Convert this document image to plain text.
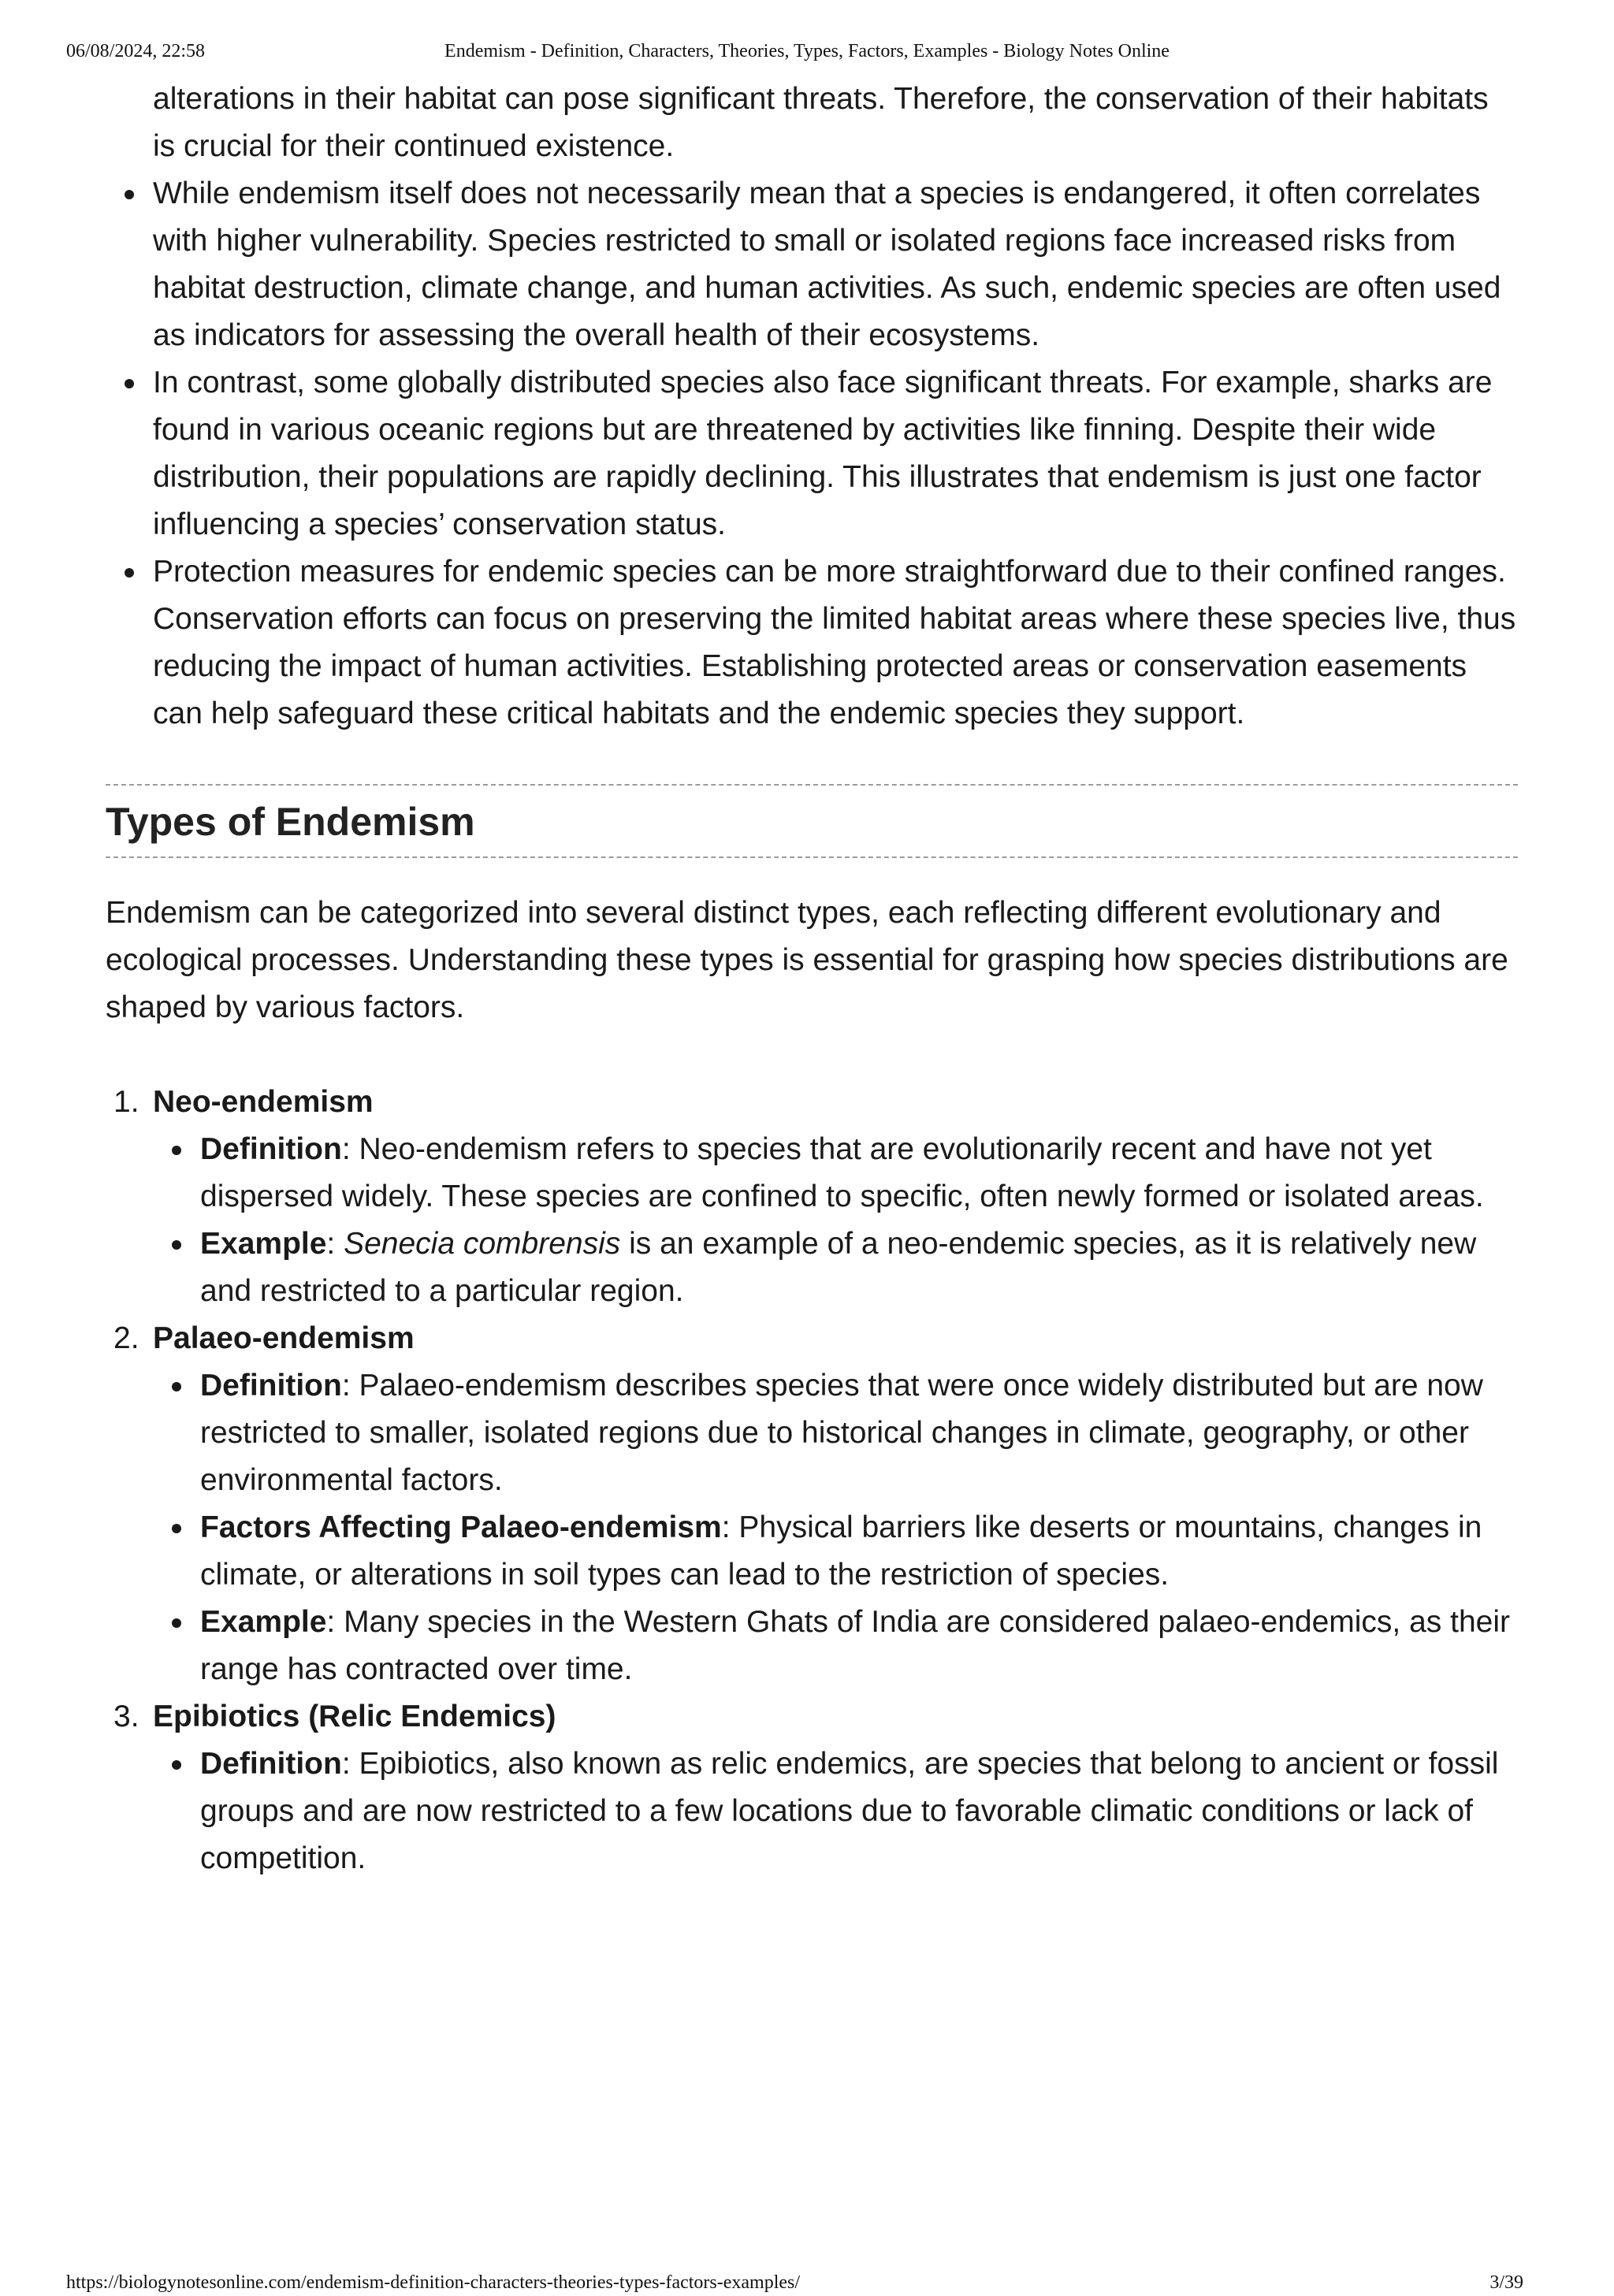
06/08/2024, 22:58	Endemism - Definition, Characters, Theories, Types, Factors, Examples - Biology Notes Online
alterations in their habitat can pose significant threats. Therefore, the conservation of their habitats is crucial for their continued existence.
While endemism itself does not necessarily mean that a species is endangered, it often correlates with higher vulnerability. Species restricted to small or isolated regions face increased risks from habitat destruction, climate change, and human activities. As such, endemic species are often used as indicators for assessing the overall health of their ecosystems.
In contrast, some globally distributed species also face significant threats. For example, sharks are found in various oceanic regions but are threatened by activities like finning. Despite their wide distribution, their populations are rapidly declining. This illustrates that endemism is just one factor influencing a species’ conservation status.
Protection measures for endemic species can be more straightforward due to their confined ranges. Conservation efforts can focus on preserving the limited habitat areas where these species live, thus reducing the impact of human activities. Establishing protected areas or conservation easements can help safeguard these critical habitats and the endemic species they support.
Types of Endemism

Endemism can be categorized into several distinct types, each reflecting different evolutionary and ecological processes. Understanding these types is essential for grasping how species distributions are shaped by various factors.

1. Neo-endemism
Definition: Neo-endemism refers to species that are evolutionarily recent and have not yet dispersed widely. These species are confined to specific, often newly formed or isolated areas.
Example: Senecia combrensis is an example of a neo-endemic species, as it is relatively new and restricted to a particular region.
2. Palaeo-endemism
Definition: Palaeo-endemism describes species that were once widely distributed but are now restricted to smaller, isolated regions due to historical changes in climate, geography, or other environmental factors.
Factors Affecting Palaeo-endemism: Physical barriers like deserts or mountains, changes in climate, or alterations in soil types can lead to the restriction of species.
Example: Many species in the Western Ghats of India are considered palaeo-endemics, as their range has contracted over time.
3. Epibiotics (Relic Endemics)
Definition: Epibiotics, also known as relic endemics, are species that belong to ancient or fossil groups and are now restricted to a few locations due to favorable climatic conditions or lack of competition.
https://biologynotesonline.com/endemism-definition-characters-theories-types-factors-examples/	3/39
